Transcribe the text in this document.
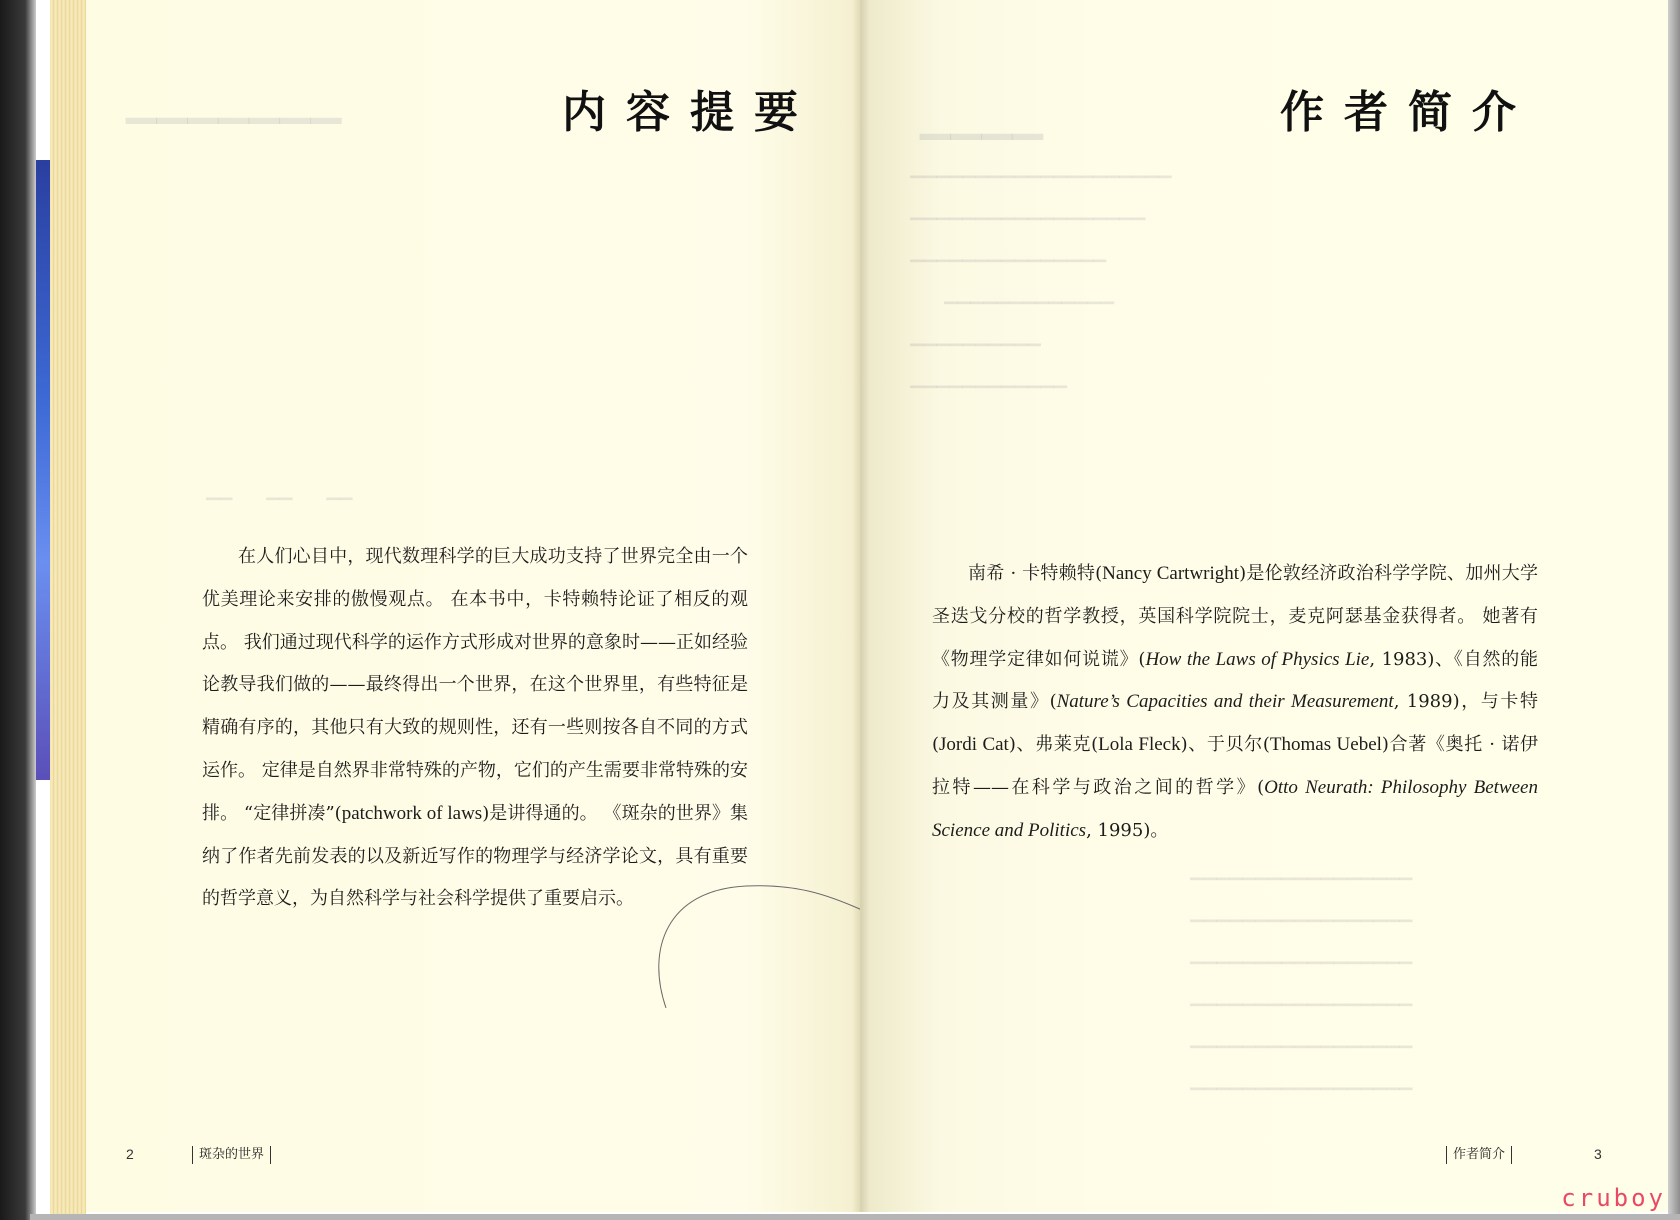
▁▁▁▁▁▁▁
▁▁　　▁▁　　▁▁
内容提要
在人们心目中，现代数理科学的巨大成功支持了世界完全由一个优美理论来安排的傲慢观点。 在本书中，卡特赖特论证了相反的观点。 我们通过现代科学的运作方式形成对世界的意象时——正如经验论教导我们做的——最终得出一个世界，在这个世界里，有些特征是精确有序的，其他只有大致的规则性，还有一些则按各自不同的方式运作。 定律是自然界非常特殊的产物，它们的产生需要非常特殊的安排。 “定律拼凑”(patchwork of laws)是讲得通的。 《斑杂的世界》集纳了作者先前发表的以及新近写作的物理学与经济学论文，具有重要的哲学意义，为自然科学与社会科学提供了重要启示。
2	斑杂的世界
▁▁▁▁
▁▁▁▁▁▁▁▁▁▁▁▁▁▁▁▁▁▁▁▁
▁▁▁▁▁▁▁▁▁▁▁▁▁▁▁▁▁▁
▁▁▁▁▁▁▁▁▁▁▁▁▁▁▁
　　▁▁▁▁▁▁▁▁▁▁▁▁▁
▁▁▁▁▁▁▁▁▁▁
▁▁▁▁▁▁▁▁▁▁▁▁
▁▁▁▁▁▁▁▁▁▁▁▁▁▁▁▁▁
▁▁▁▁▁▁▁▁▁▁▁▁▁▁▁▁▁
▁▁▁▁▁▁▁▁▁▁▁▁▁▁▁▁▁
▁▁▁▁▁▁▁▁▁▁▁▁▁▁▁▁▁
▁▁▁▁▁▁▁▁▁▁▁▁▁▁▁▁▁
▁▁▁▁▁▁▁▁▁▁▁▁▁▁▁▁▁
作者简介
南希 · 卡特赖特(Nancy Cartwright)是伦敦经济政治科学学院、加州大学圣迭戈分校的哲学教授，英国科学院院士，麦克阿瑟基金获得者。 她著有《物理学定律如何说谎》(How the Laws of Physics Lie, 1983)、《自然的能力及其测量》(Nature’s Capacities and their Measurement, 1989)，与卡特(Jordi Cat)、弗莱克(Lola Fleck)、于贝尔(Thomas Uebel)合著《奥托 · 诺伊拉特——在科学与政治之间的哲学》(Otto Neurath: Philosophy Between Science and Politics, 1995)。
作者简介	3
cruboy
